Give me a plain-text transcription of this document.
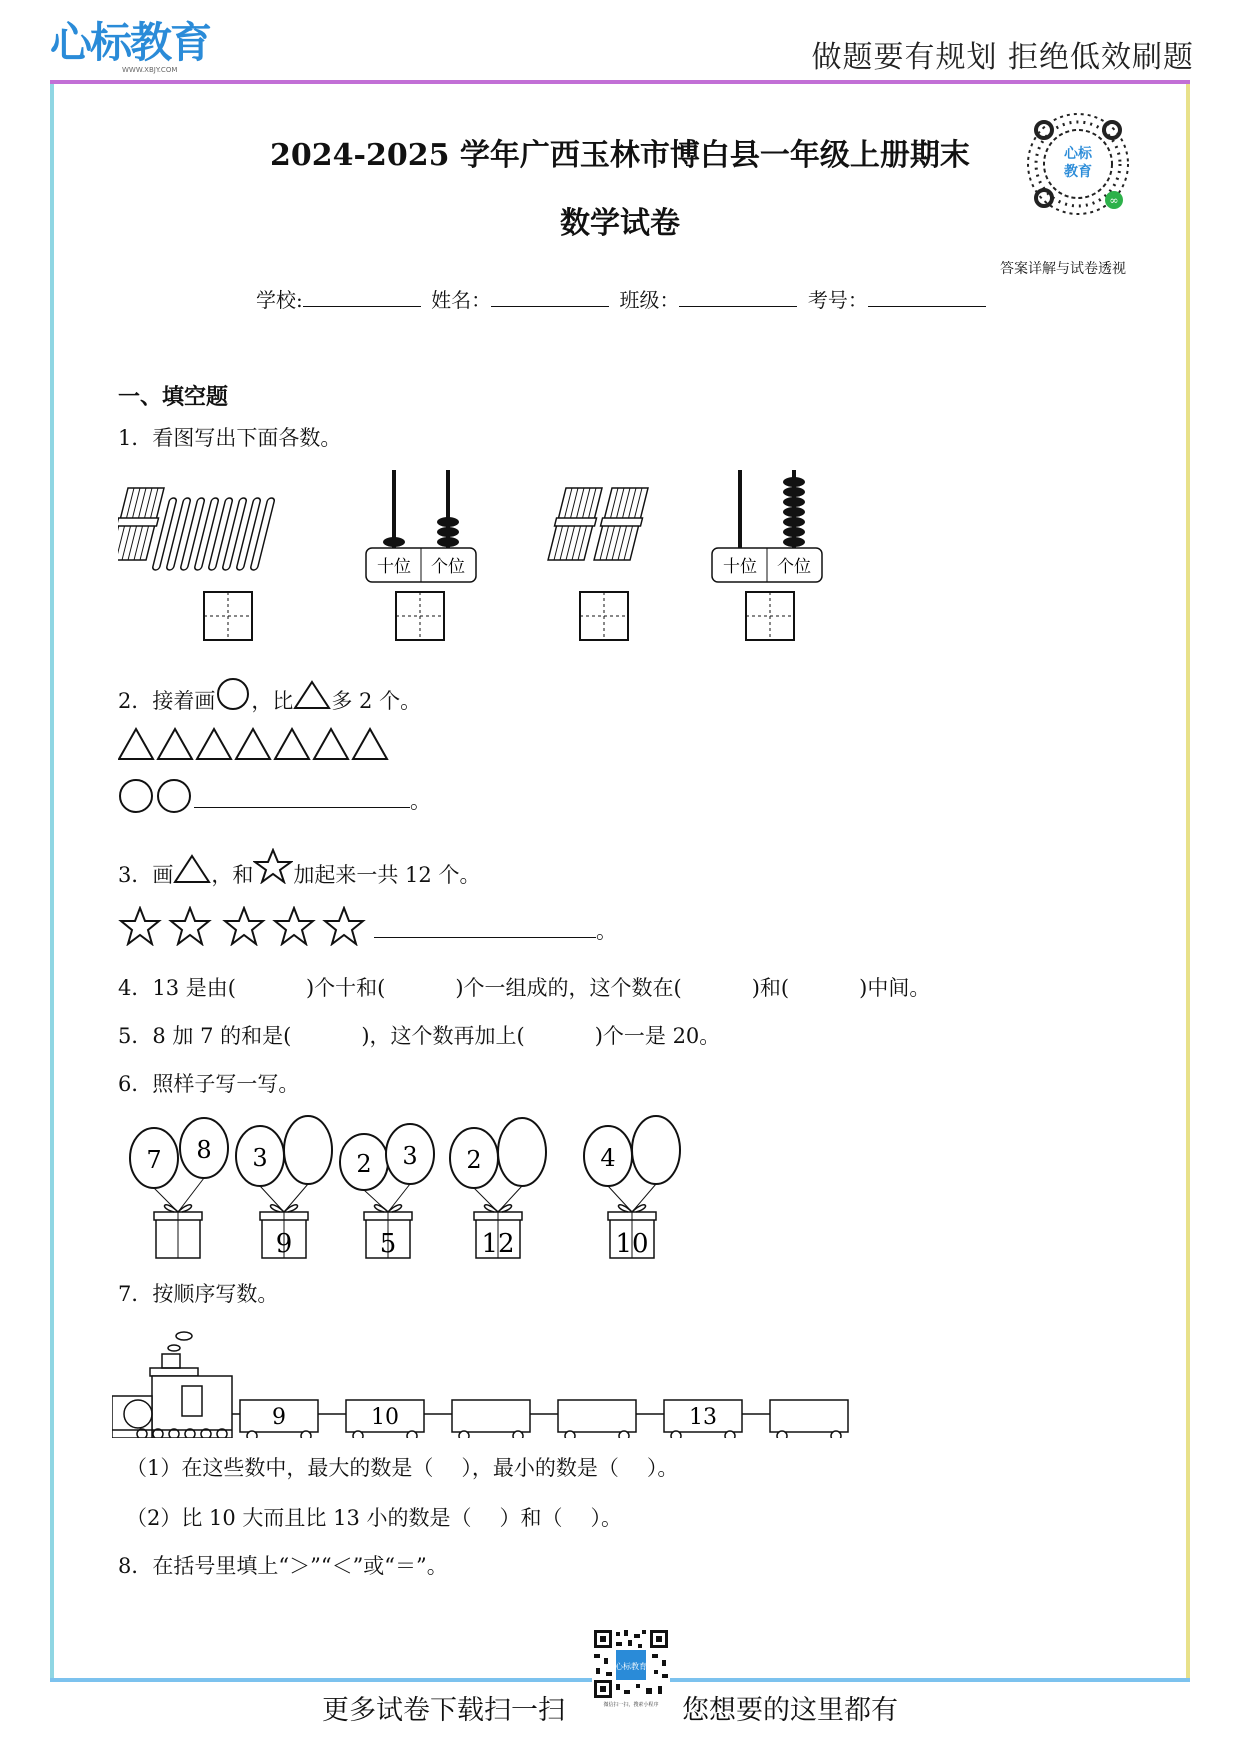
心标教育
WWW.XBJY.COM	做题要有规划 拒绝低效刷题
2024-2025 学年广西玉林市博白县一年级上册期末
数学试卷
心标
教育
∞
答案详解与试卷透视
学校:	姓名：	班级：	考号：
一、填空题
1．看图写出下面各数。
十位 个位	十位 个位
2．接着画 ，比 多 2 个。
。
3．画 ，和 加起来一共 12 个。
。
4．13 是由(	)个十和(	)个一组成的，这个数在(	)和(	)中间。
5．8 加 7 的和是(	)，这个数再加上(	)个一是 20。
6．照样子写一写。
7 8 3
9
2 3
5
2
12
4
10
7．按顺序写数。
9	10	13
（1）在这些数中，最大的数是（ ），最小的数是（ ）。
（2）比 10 大而且比 13 小的数是（ ）和（ ）。
8．在括号里填上“＞”“＜”或“＝”。
更多试卷下载扫一扫
心标教育
微信扫一扫，搜索小程序 您想要的这里都有
